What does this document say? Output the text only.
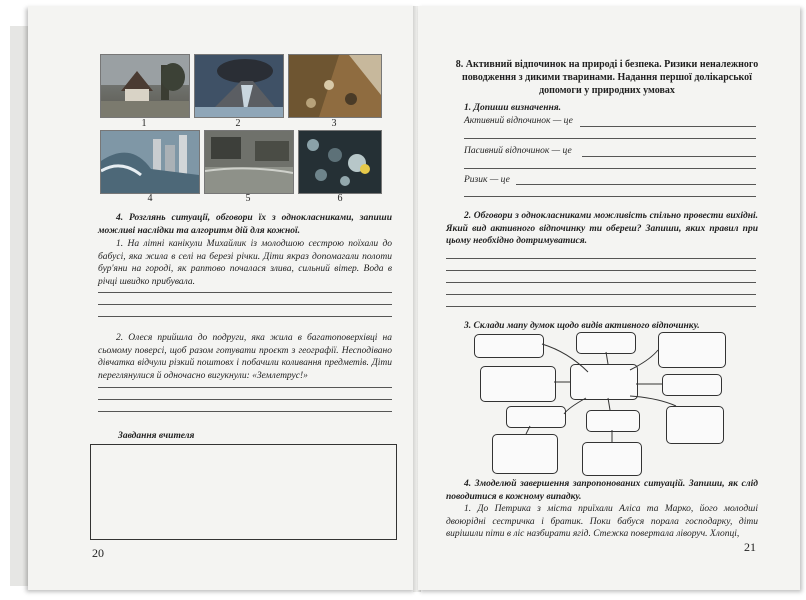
1	2	3
4	5	6
4. Розглянь ситуації, обговори їх з однокласниками, запиши можливі наслідки та алгоритм дій для кожної.
1. На літні канікули Михайлик із молодшою сестрою поїхали до бабусі, яка жила в селі на березі річки. Діти якраз допомагали полоти бур'яни на городі, як раптово почалася злива, сильний вітер. Вода в річці швидко прибувала.
2. Олеся прийшла до подруги, яка жила в багатоповерхівці на сьомому поверсі, щоб разом готувати проєкт з географії. Несподівано дівчатка відчули різкий поштовх і побачили коливання предметів. Діти переглянулися й одночасно вигукнули: «Землетрус!»
Завдання вчителя
20
8. Активний відпочинок на природі і безпека. Ризики неналежного поводження з дикими тваринами. Надання першої долікарської допомоги у природних умовах
1. Допиши визначення.
Активний відпочинок — це
Пасивний відпочинок — це
Ризик — це
2. Обговори з однокласниками можливість спільно провести вихідні. Який вид активного відпочинку ти обереш? Запиши, яких правил при цьому необхідно дотримуватися.
3. Склади мапу думок щодо видів активного відпочинку.
4. Змоделюй завершення запропонованих ситуацій. Запиши, як слід поводитися в кожному випадку.
1. До Петрика з міста приїхали Аліса та Марко, його молодші двоюрідні сестричка і братик. Поки бабуся порала господарку, діти вирішили піти в ліс назбирати ягід. Стежка повертала ліворуч. Хлопці,
21
